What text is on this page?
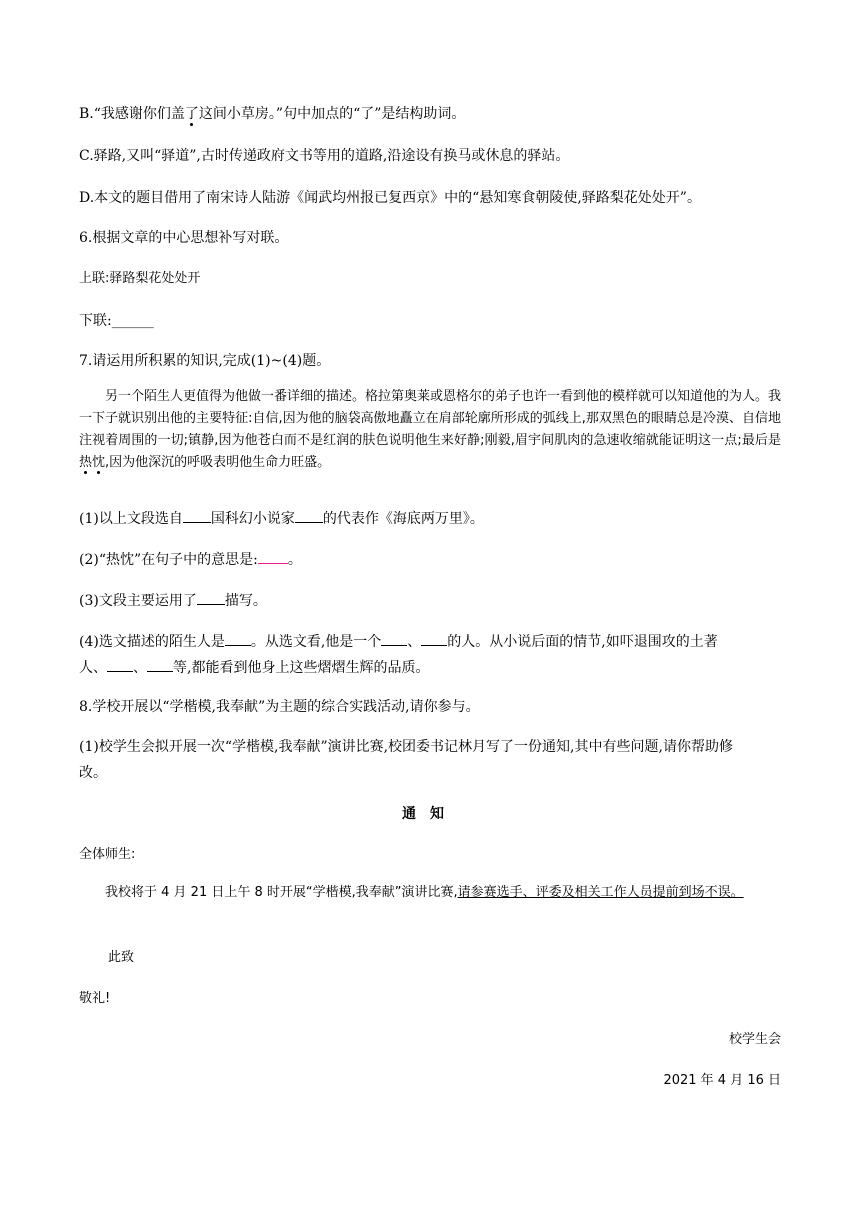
B.“我感谢你们盖了这间小草房。”句中加点的“了”是结构助词。
C.驿路,又叫“驿道”,古时传递政府文书等用的道路,沿途设有换马或休息的驿站。
D.本文的题目借用了南宋诗人陆游《闻武均州报已复西京》中的“悬知寒食朝陵使,驿路梨花处处开”。
6.根据文章的中心思想补写对联。
上联:驿路梨花处处开
下联:______
7.请运用所积累的知识,完成(1)~(4)题。
另一个陌生人更值得为他做一番详细的描述。格拉第奥莱或恩格尔的弟子也许一看到他的模样就可以知道他的为人。我一下子就识别出他的主要特征:自信,因为他的脑袋高傲地矗立在肩部轮廓所形成的弧线上,那双黑色的眼睛总是冷漠、自信地注视着周围的一切;镇静,因为他苍白而不是红润的肤色说明他生来好静;刚毅,眉宇间肌肉的急速收缩就能证明这一点;最后是热忱,因为他深沉的呼吸表明他生命力旺盛。
(1)以上文段选自 国科幻小说家 的代表作《海底两万里》。
(2)“热忱”在句子中的意思是: 。
(3)文段主要运用了 描写。
(4)选文描述的陌生人是 。从选文看,他是一个 、 的人。从小说后面的情节,如吓退围攻的土著
人、 、 等,都能看到他身上这些熠熠生辉的品质。
8.学校开展以“学楷模,我奉献”为主题的综合实践活动,请你参与。
(1)校学生会拟开展一次“学楷模,我奉献”演讲比赛,校团委书记林月写了一份通知,其中有些问题,请你帮助修
改。
通知
全体师生:
我校将于 4 月 21 日上午 8 时开展“学楷模,我奉献”演讲比赛,请参赛选手、评委及相关工作人员提前到场不误。
此致
敬礼!
校学生会
2021 年 4 月 16 日
